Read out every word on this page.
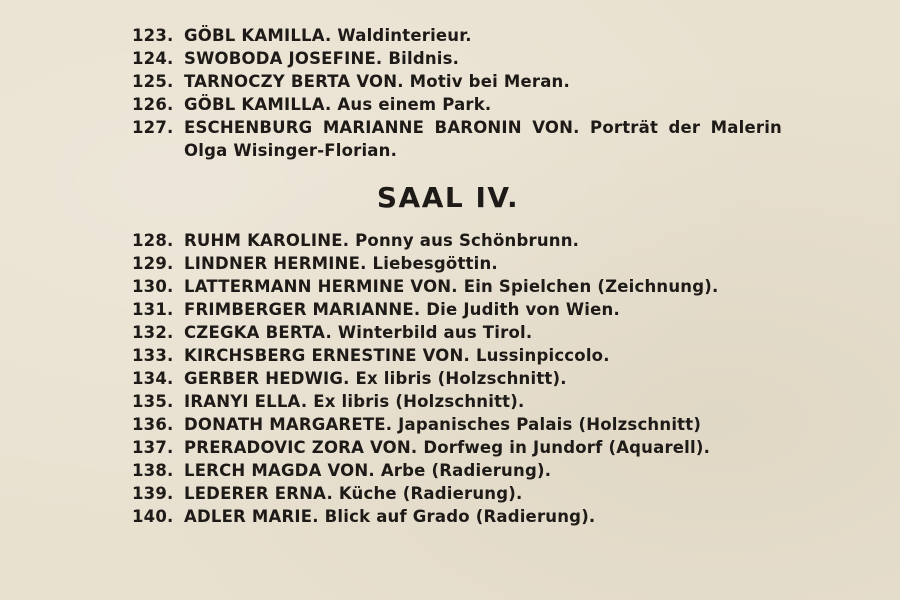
123. GÖBL KAMILLA. Waldinterieur.
124. SWOBODA JOSEFINE. Bildnis.
125. TARNOCZY BERTA VON. Motiv bei Meran.
126. GÖBL KAMILLA. Aus einem Park.
127. ESCHENBURG MARIANNE BARONIN VON. Porträt der Malerin Olga Wisinger-Florian.
SAAL IV.
128. RUHM KAROLINE. Ponny aus Schönbrunn.
129. LINDNER HERMINE. Liebesgöttin.
130. LATTERMANN HERMINE VON. Ein Spielchen (Zeichnung).
131. FRIMBERGER MARIANNE. Die Judith von Wien.
132. CZEGKA BERTA. Winterbild aus Tirol.
133. KIRCHSBERG ERNESTINE VON. Lussinpiccolo.
134. GERBER HEDWIG. Ex libris (Holzschnitt).
135. IRANYI ELLA. Ex libris (Holzschnitt).
136. DONATH MARGARETE. Japanisches Palais (Holzschnitt)
137. PRERADOVIC ZORA VON. Dorfweg in Jundorf (Aquarell).
138. LERCH MAGDA VON. Arbe (Radierung).
139. LEDERER ERNA. Küche (Radierung).
140. ADLER MARIE. Blick auf Grado (Radierung).
